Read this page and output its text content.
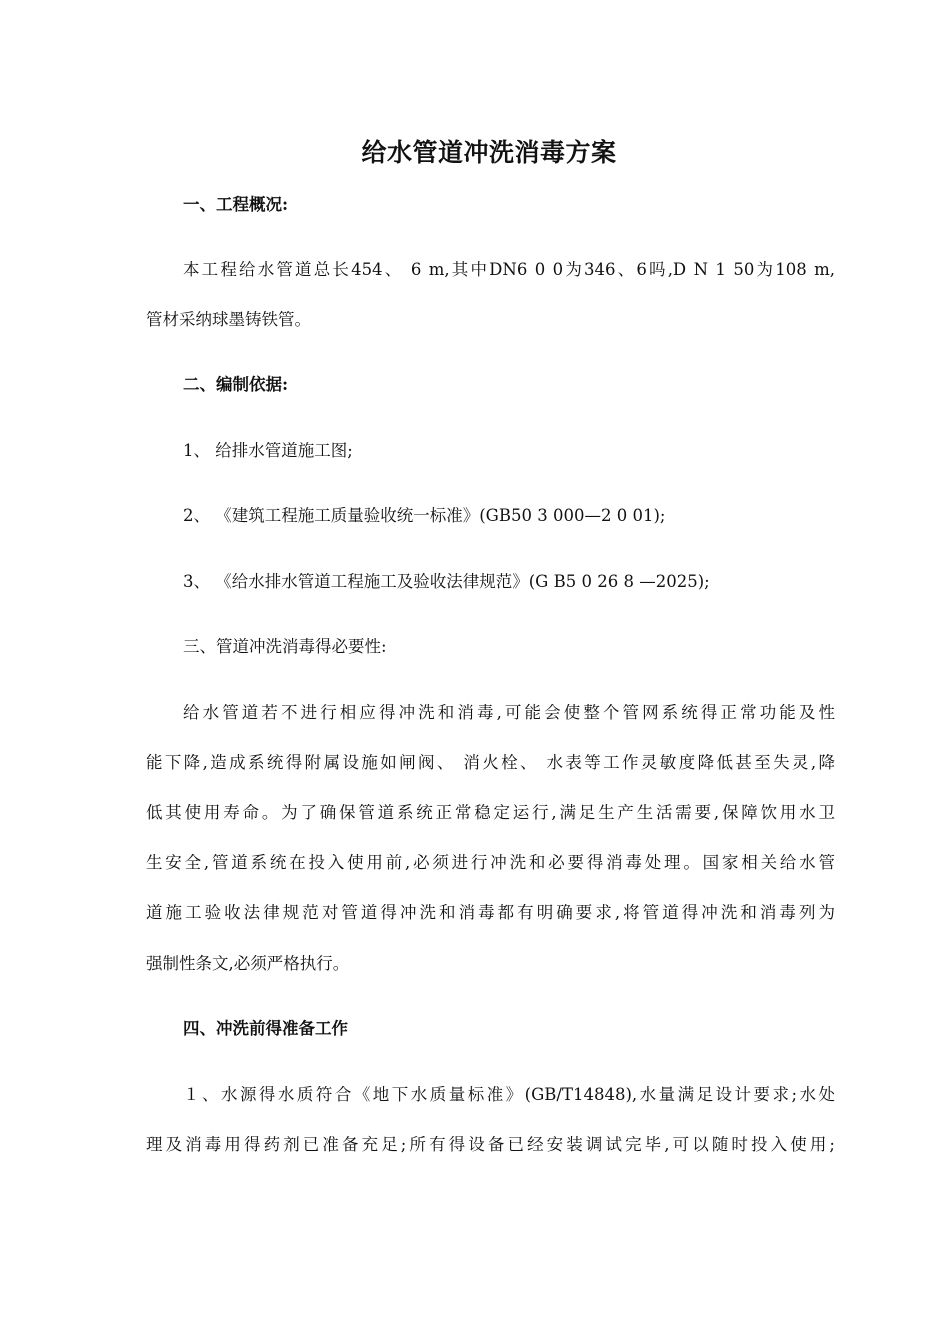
给水管道冲洗消毒方案
一、工程概况:
本工程给水管道总长454、 6 m,其中DN6 0 0为346、6吗,D N 1 50为108 m,
管材采纳球墨铸铁管。
二、编制依据:
1、 给排水管道施工图;
2、 《建筑工程施工质量验收统一标准》(GB50 3 000—2 0 01);
3、 《给水排水管道工程施工及验收法律规范》(G B5 0 26 8 —2025);
三、管道冲洗消毒得必要性:
给水管道若不进行相应得冲洗和消毒,可能会使整个管网系统得正常功能及性
能下降,造成系统得附属设施如闸阀、 消火栓、 水表等工作灵敏度降低甚至失灵,降
低其使用寿命。为了确保管道系统正常稳定运行,满足生产生活需要,保障饮用水卫
生安全,管道系统在投入使用前,必须进行冲洗和必要得消毒处理。国家相关给水管
道施工验收法律规范对管道得冲洗和消毒都有明确要求,将管道得冲洗和消毒列为
强制性条文,必须严格执行。
四、冲洗前得准备工作
１、水源得水质符合《地下水质量标准》(GB/T14848),水量满足设计要求;水处
理及消毒用得药剂已准备充足;所有得设备已经安装调试完毕,可以随时投入使用;
